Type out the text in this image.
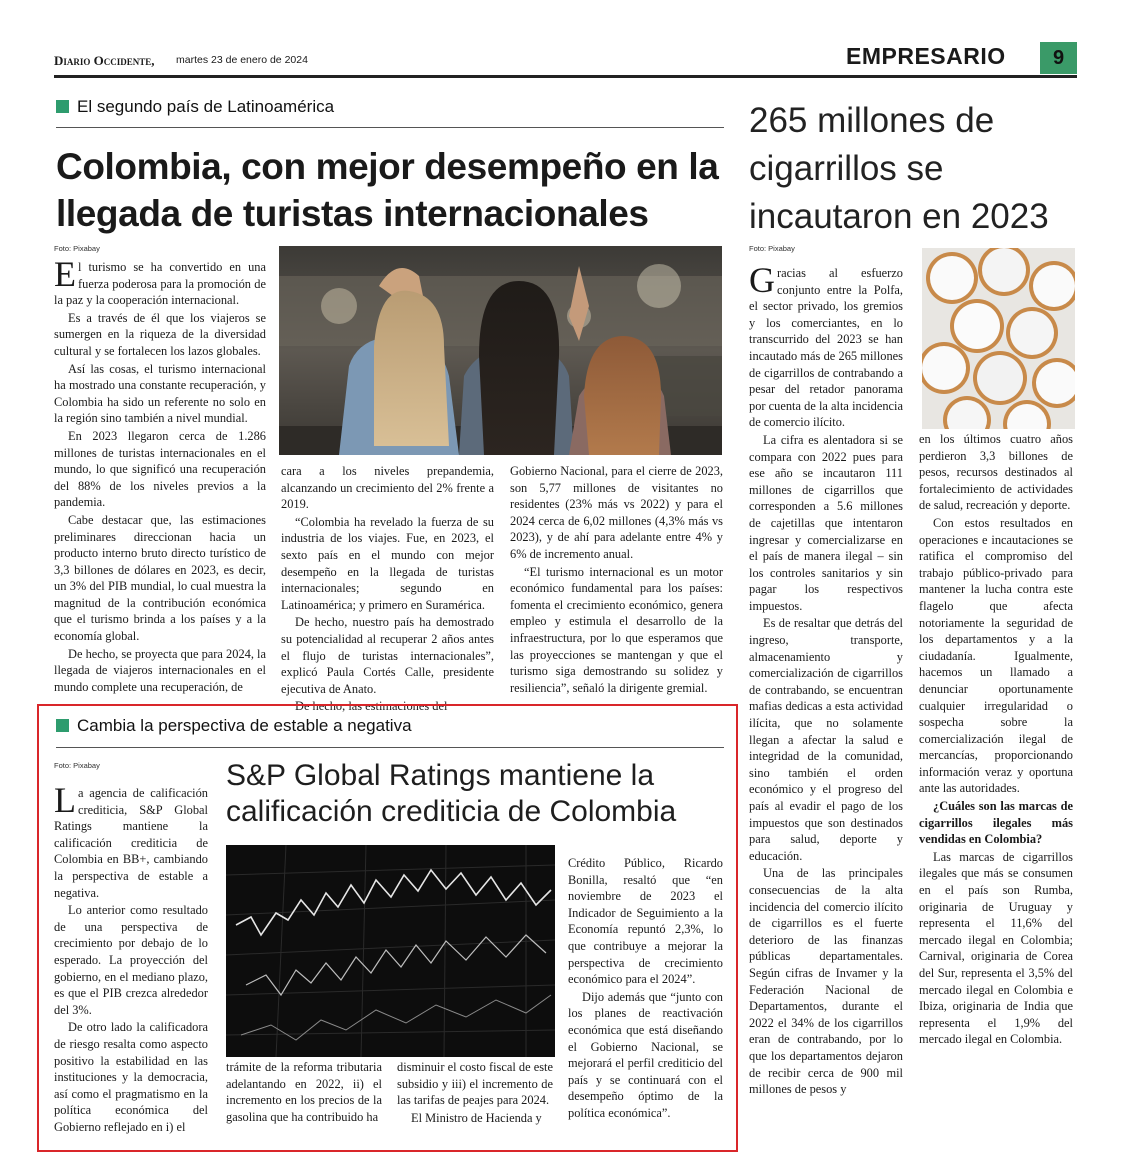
Diario Occidente, martes 23 de enero de 2024	EMPRESARIO	9
El segundo país de Latinoamérica
Colombia, con mejor desempeño en la llegada de turistas internacionales
Foto: Pixabay

El turismo se ha convertido en una fuerza poderosa para la promoción de la paz y la cooperación internacional.

Es a través de él que los viajeros se sumergen en la riqueza de la diversidad cultural y se fortalecen los lazos globales.

Así las cosas, el turismo internacional ha mostrado una constante recuperación, y Colombia ha sido un referente no solo en la región sino también a nivel mundial.

En 2023 llegaron cerca de 1.286 millones de turistas internacionales en el mundo, lo que significó una recuperación del 88% de los niveles previos a la pandemia.

Cabe destacar que, las estimaciones preliminares direccionan hacia un producto interno bruto directo turístico de 3,3 billones de dólares en 2023, es decir, un 3% del PIB mundial, lo cual muestra la magnitud de la contribución económica que el turismo brinda a los países y a la economía global.

De hecho, se proyecta que para 2024, la llegada de viajeros internacionales en el mundo complete una recuperación, de

cara a los niveles prepandemia, alcanzando un crecimiento del 2% frente a 2019.

“Colombia ha revelado la fuerza de su industria de los viajes. Fue, en 2023, el sexto país en el mundo con mejor desempeño en la llegada de turistas internacionales; segundo en Latinoamérica; y primero en Suramérica.

De hecho, nuestro país ha demostrado su potencialidad al recuperar 2 años antes el flujo de turistas internacionales”, explicó Paula Cortés Calle, presidente ejecutiva de Anato.

De hecho, las estimaciones del

Gobierno Nacional, para el cierre de 2023, son 5,77 millones de visitantes no residentes (23% más vs 2022) y para el 2024 cerca de 6,02 millones (4,3% más vs 2023), y de ahí para adelante entre 4% y 6% de incremento anual.

“El turismo internacional es un motor económico fundamental para los países: fomenta el crecimiento económico, genera empleo y estimula el desarrollo de la infraestructura, por lo que esperamos que las proyecciones se mantengan y que el turismo siga demostrando su solidez y resiliencia”, señaló la dirigente gremial.

265 millones de cigarrillos se incautaron en 2023
Foto: Pixabay

Gracias al esfuerzo conjunto entre la Polfa, el sector privado, los gremios y los comerciantes, en lo transcurrido del 2023 se han incautado más de 265 millones de cigarrillos de contrabando a pesar del retador panorama por cuenta de la alta incidencia de comercio ilícito.

La cifra es alentadora si se compara con 2022 pues para ese año se incautaron 111 millones de cigarrillos que corresponden a 5.6 millones de cajetillas que intentaron ingresar y comercializarse en el país de manera ilegal – sin los controles sanitarios y sin pagar los respectivos impuestos.

Es de resaltar que detrás del ingreso, transporte, almacenamiento y comercialización de cigarrillos de contrabando, se encuentran mafias dedicas a esta actividad ilícita, que no solamente llegan a afectar la salud e integridad de la comunidad, sino también el orden económico y el progreso del país al evadir el pago de los impuestos que son destinados para salud, deporte y educación.

Una de las principales consecuencias de la alta incidencia del comercio ilícito de cigarrillos es el fuerte deterioro de las finanzas públicas departamentales. Según cifras de Invamer y la Federación Nacional de Departamentos, durante el 2022 el 34% de los cigarrillos eran de contrabando, por lo que los departamentos dejaron de recibir cerca de 900 mil millones de pesos y

en los últimos cuatro años perdieron 3,3 billones de pesos, recursos destinados al fortalecimiento de actividades de salud, recreación y deporte.

Con estos resultados en operaciones e incautaciones se ratifica el compromiso del trabajo público-privado para mantener la lucha contra este flagelo que afecta notoriamente la seguridad de los departamentos y a la ciudadanía. Igualmente, hacemos un llamado a denunciar oportunamente cualquier irregularidad o sospecha sobre la comercialización ilegal de mercancías, proporcionando información veraz y oportuna ante las autoridades.

¿Cuáles son las marcas de cigarrillos ilegales más vendidas en Colombia?

Las marcas de cigarrillos ilegales que más se consumen en el país son Rumba, originaria de Uruguay y representa el 11,6% del mercado ilegal en Colombia; Carnival, originaria de Corea del Sur, representa el 3,5% del mercado ilegal en Colombia e Ibiza, originaria de India que representa el 1,9% del mercado ilegal en Colombia.

Cambia la perspectiva de estable a negativa
Foto: Pixabay	S&P Global Ratings mantiene la calificación crediticia de Colombia

La agencia de calificación crediticia, S&P Global Ratings mantiene la calificación crediticia de Colombia en BB+, cambiando la perspectiva de estable a negativa.

Lo anterior como resultado de una perspectiva de crecimiento por debajo de lo esperado. La proyección del gobierno, en el mediano plazo, es que el PIB crezca alrededor del 3%.

De otro lado la calificadora de riesgo resalta como aspecto positivo la estabilidad en las instituciones y la democracia, así como el pragmatismo en la política económica del Gobierno reflejado en i) el

trámite de la reforma tributaria adelantando en 2022, ii) el incremento en los precios de la gasolina que ha contribuido ha

disminuir el costo fiscal de este subsidio y iii) el incremento de las tarifas de peajes para 2024.

El Ministro de Hacienda y

Crédito Público, Ricardo Bonilla, resaltó que “en noviembre de 2023 el Indicador de Seguimiento a la Economía repuntó 2,3%, lo que contribuye a mejorar la perspectiva de crecimiento económico para el 2024”.

Dijo además que “junto con los planes de reactivación económica que está diseñando el Gobierno Nacional, se mejorará el perfil crediticio del país y se continuará con el desempeño óptimo de la política económica”.
